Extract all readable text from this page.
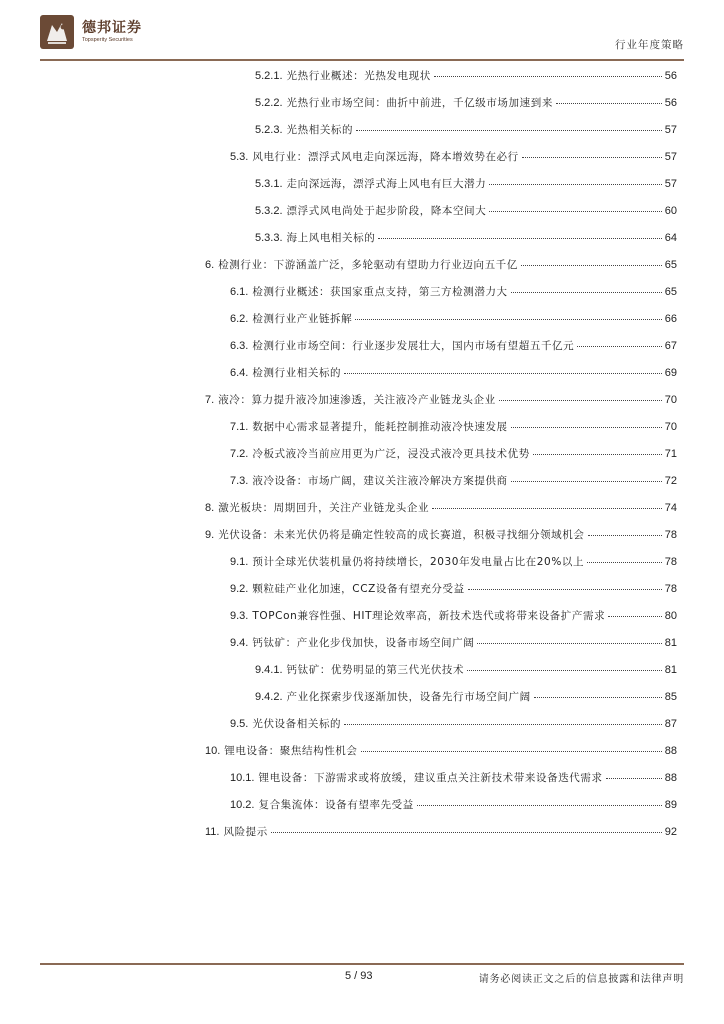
德邦证券
Topsperity Securities	行业年度策略
5.2.1. 光热行业概述：光热发电现状	56
5.2.2. 光热行业市场空间：曲折中前进，千亿级市场加速到来	56
5.2.3. 光热相关标的	57
5.3. 风电行业：漂浮式风电走向深远海，降本增效势在必行	57
5.3.1. 走向深远海，漂浮式海上风电有巨大潜力	57
5.3.2. 漂浮式风电尚处于起步阶段，降本空间大	60
5.3.3. 海上风电相关标的	64
6. 检测行业：下游涵盖广泛，多轮驱动有望助力行业迈向五千亿	65
6.1. 检测行业概述：获国家重点支持，第三方检测潜力大	65
6.2. 检测行业产业链拆解	66
6.3. 检测行业市场空间：行业逐步发展壮大，国内市场有望超五千亿元	67
6.4. 检测行业相关标的	69
7. 液冷：算力提升液冷加速渗透，关注液冷产业链龙头企业	70
7.1. 数据中心需求显著提升，能耗控制推动液冷快速发展	70
7.2. 冷板式液冷当前应用更为广泛，浸没式液冷更具技术优势	71
7.3. 液冷设备：市场广阔，建议关注液冷解决方案提供商	72
8. 激光板块：周期回升，关注产业链龙头企业	74
9. 光伏设备：未来光伏仍将是确定性较高的成长赛道，积极寻找细分领域机会	78
9.1. 预计全球光伏装机量仍将持续增长，2030年发电量占比在20%以上	78
9.2. 颗粒硅产业化加速，CCZ设备有望充分受益	78
9.3. TOPCon兼容性强、HIT理论效率高，新技术迭代或将带来设备扩产需求	80
9.4. 钙钛矿：产业化步伐加快，设备市场空间广阔	81
9.4.1. 钙钛矿：优势明显的第三代光伏技术	81
9.4.2. 产业化探索步伐逐渐加快，设备先行市场空间广阔	85
9.5. 光伏设备相关标的	87
10. 锂电设备：聚焦结构性机会	88
10.1. 锂电设备：下游需求或将放缓，建议重点关注新技术带来设备迭代需求	88
10.2. 复合集流体：设备有望率先受益	89
11. 风险提示	92
5 / 93	请务必阅读正文之后的信息披露和法律声明
